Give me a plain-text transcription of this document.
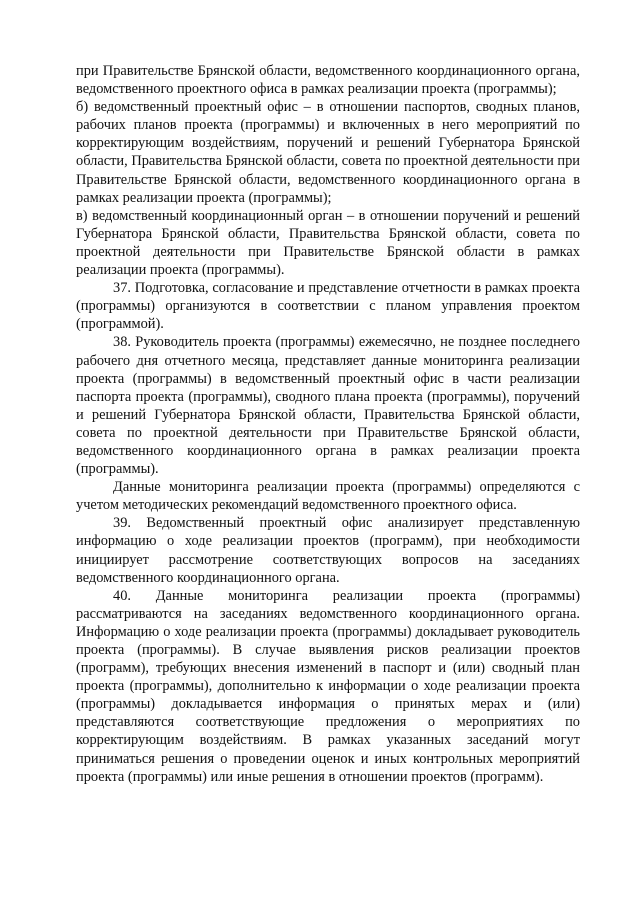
при Правительстве Брянской области, ведомственного координационного органа, ведомственного проектного офиса в рамках реализации проекта (программы);

б) ведомственный проектный офис – в отношении паспортов, сводных планов, рабочих планов проекта (программы) и включенных в него мероприятий по корректирующим воздействиям, поручений и решений Губернатора Брянской области, Правительства Брянской области, совета по проектной деятельности при Правительстве Брянской области, ведомственного координационного органа в рамках реализации проекта (программы);

в) ведомственный координационный орган – в отношении поручений и решений Губернатора Брянской области, Правительства Брянской области, совета по проектной деятельности при Правительстве Брянской области в рамках реализации проекта (программы).

37. Подготовка, согласование и представление отчетности в рамках проекта (программы) организуются в соответствии с планом управления проектом (программой).

38. Руководитель проекта (программы) ежемесячно, не позднее последнего рабочего дня отчетного месяца, представляет данные мониторинга реализации проекта (программы) в ведомственный проектный офис в части реализации паспорта проекта (программы), сводного плана проекта (программы), поручений и решений Губернатора Брянской области, Правительства Брянской области, совета по проектной деятельности при Правительстве Брянской области, ведомственного координационного органа в рамках реализации проекта (программы).

Данные мониторинга реализации проекта (программы) определяются с учетом методических рекомендаций ведомственного проектного офиса.

39. Ведомственный проектный офис анализирует представленную информацию о ходе реализации проектов (программ), при необходимости инициирует рассмотрение соответствующих вопросов на заседаниях ведомственного координационного органа.

40. Данные мониторинга реализации проекта (программы) рассматриваются на заседаниях ведомственного координационного органа. Информацию о ходе реализации проекта (программы) докладывает руководитель проекта (программы). В случае выявления рисков реализации проектов (программ), требующих внесения изменений в паспорт и (или) сводный план проекта (программы), дополнительно к информации о ходе реализации проекта (программы) докладывается информация о принятых мерах и (или) представляются соответствующие предложения о мероприятиях по корректирующим воздействиям. В рамках указанных заседаний могут приниматься решения о проведении оценок и иных контрольных мероприятий проекта (программы) или иные решения в отношении проектов (программ).
